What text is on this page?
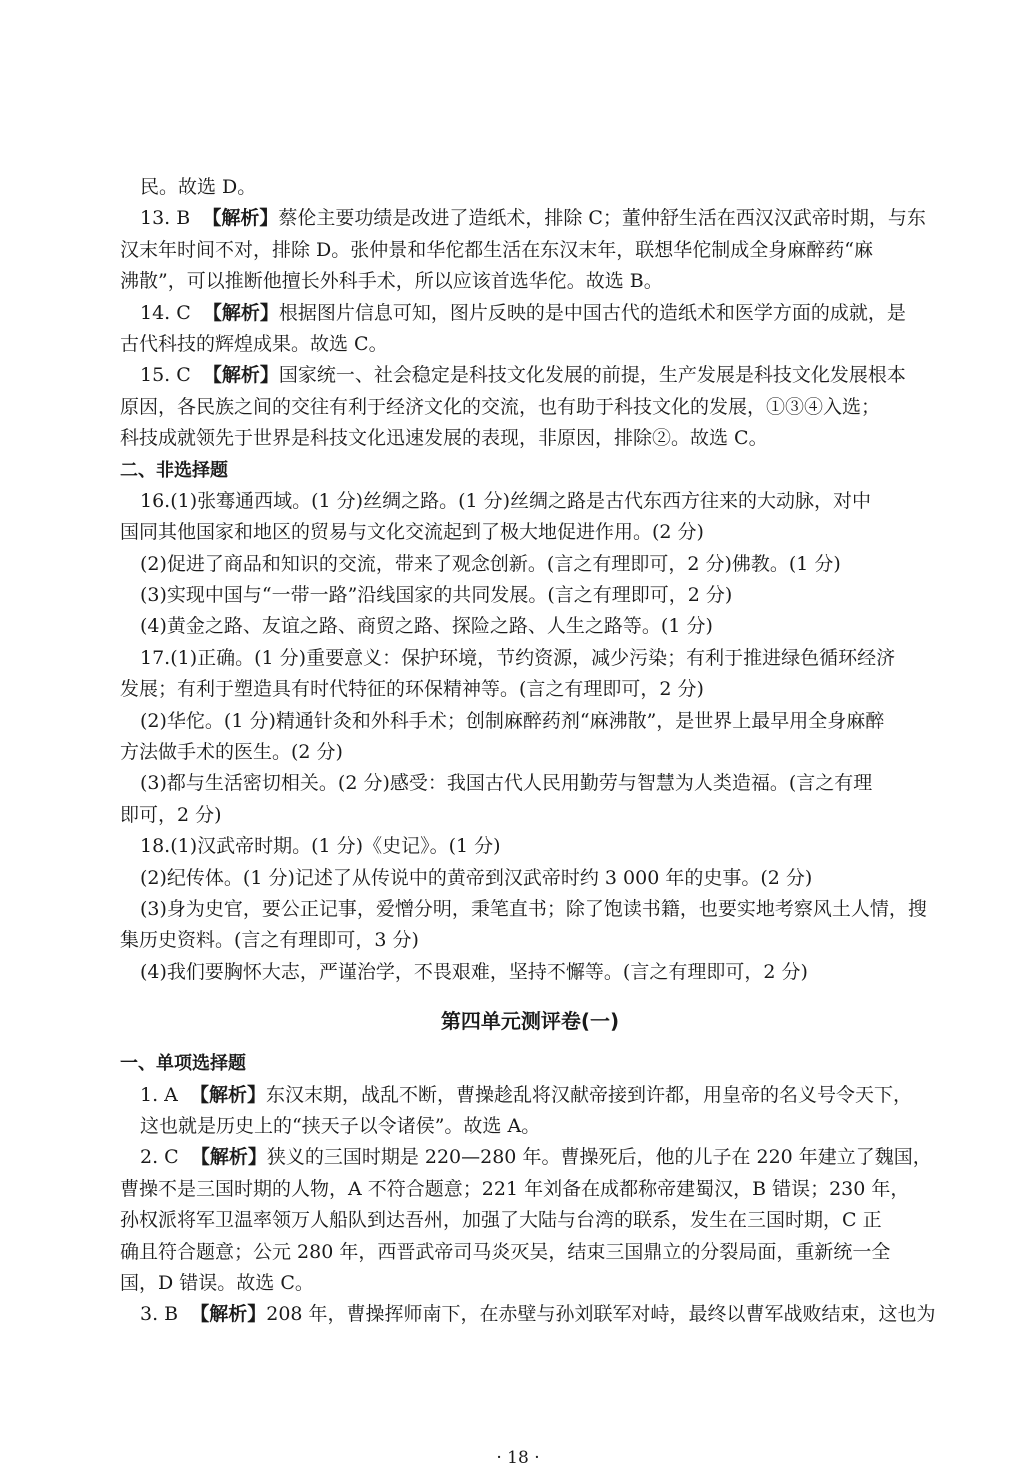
民。故选 D。
13. B 【解析】蔡伦主要功绩是改进了造纸术，排除 C；董仲舒生活在西汉汉武帝时期，与东
汉末年时间不对，排除 D。张仲景和华佗都生活在东汉末年，联想华佗制成全身麻醉药“麻
沸散”，可以推断他擅长外科手术，所以应该首选华佗。故选 B。
14. C 【解析】根据图片信息可知，图片反映的是中国古代的造纸术和医学方面的成就，是
古代科技的辉煌成果。故选 C。
15. C 【解析】国家统一、社会稳定是科技文化发展的前提，生产发展是科技文化发展根本
原因，各民族之间的交往有利于经济文化的交流，也有助于科技文化的发展，①③④入选；
科技成就领先于世界是科技文化迅速发展的表现，非原因，排除②。故选 C。
二、非选择题
16.(1)张骞通西域。(1 分)丝绸之路。(1 分)丝绸之路是古代东西方往来的大动脉，对中
国同其他国家和地区的贸易与文化交流起到了极大地促进作用。(2 分)
(2)促进了商品和知识的交流，带来了观念创新。(言之有理即可，2 分)佛教。(1 分)
(3)实现中国与“一带一路”沿线国家的共同发展。(言之有理即可，2 分)
(4)黄金之路、友谊之路、商贸之路、探险之路、人生之路等。(1 分)
17.(1)正确。(1 分)重要意义：保护环境，节约资源，减少污染；有利于推进绿色循环经济
发展；有利于塑造具有时代特征的环保精神等。(言之有理即可，2 分)
(2)华佗。(1 分)精通针灸和外科手术；创制麻醉药剂“麻沸散”，是世界上最早用全身麻醉
方法做手术的医生。(2 分)
(3)都与生活密切相关。(2 分)感受：我国古代人民用勤劳与智慧为人类造福。(言之有理
即可，2 分)
18.(1)汉武帝时期。(1 分)《史记》。(1 分)
(2)纪传体。(1 分)记述了从传说中的黄帝到汉武帝时约 3 000 年的史事。(2 分)
(3)身为史官，要公正记事，爱憎分明，秉笔直书；除了饱读书籍，也要实地考察风土人情，搜
集历史资料。(言之有理即可，3 分)
(4)我们要胸怀大志，严谨治学，不畏艰难，坚持不懈等。(言之有理即可，2 分)
第四单元测评卷(一)
一、单项选择题
1. A 【解析】东汉末期，战乱不断，曹操趁乱将汉献帝接到许都，用皇帝的名义号令天下，
这也就是历史上的“挟天子以令诸侯”。故选 A。
2. C 【解析】狭义的三国时期是 220—280 年。曹操死后，他的儿子在 220 年建立了魏国，
曹操不是三国时期的人物，A 不符合题意；221 年刘备在成都称帝建蜀汉，B 错误；230 年，
孙权派将军卫温率领万人船队到达吾州，加强了大陆与台湾的联系，发生在三国时期，C 正
确且符合题意；公元 280 年，西晋武帝司马炎灭吴，结束三国鼎立的分裂局面，重新统一全
国，D 错误。故选 C。
3. B 【解析】208 年，曹操挥师南下，在赤壁与孙刘联军对峙，最终以曹军战败结束，这也为
· 18 ·
